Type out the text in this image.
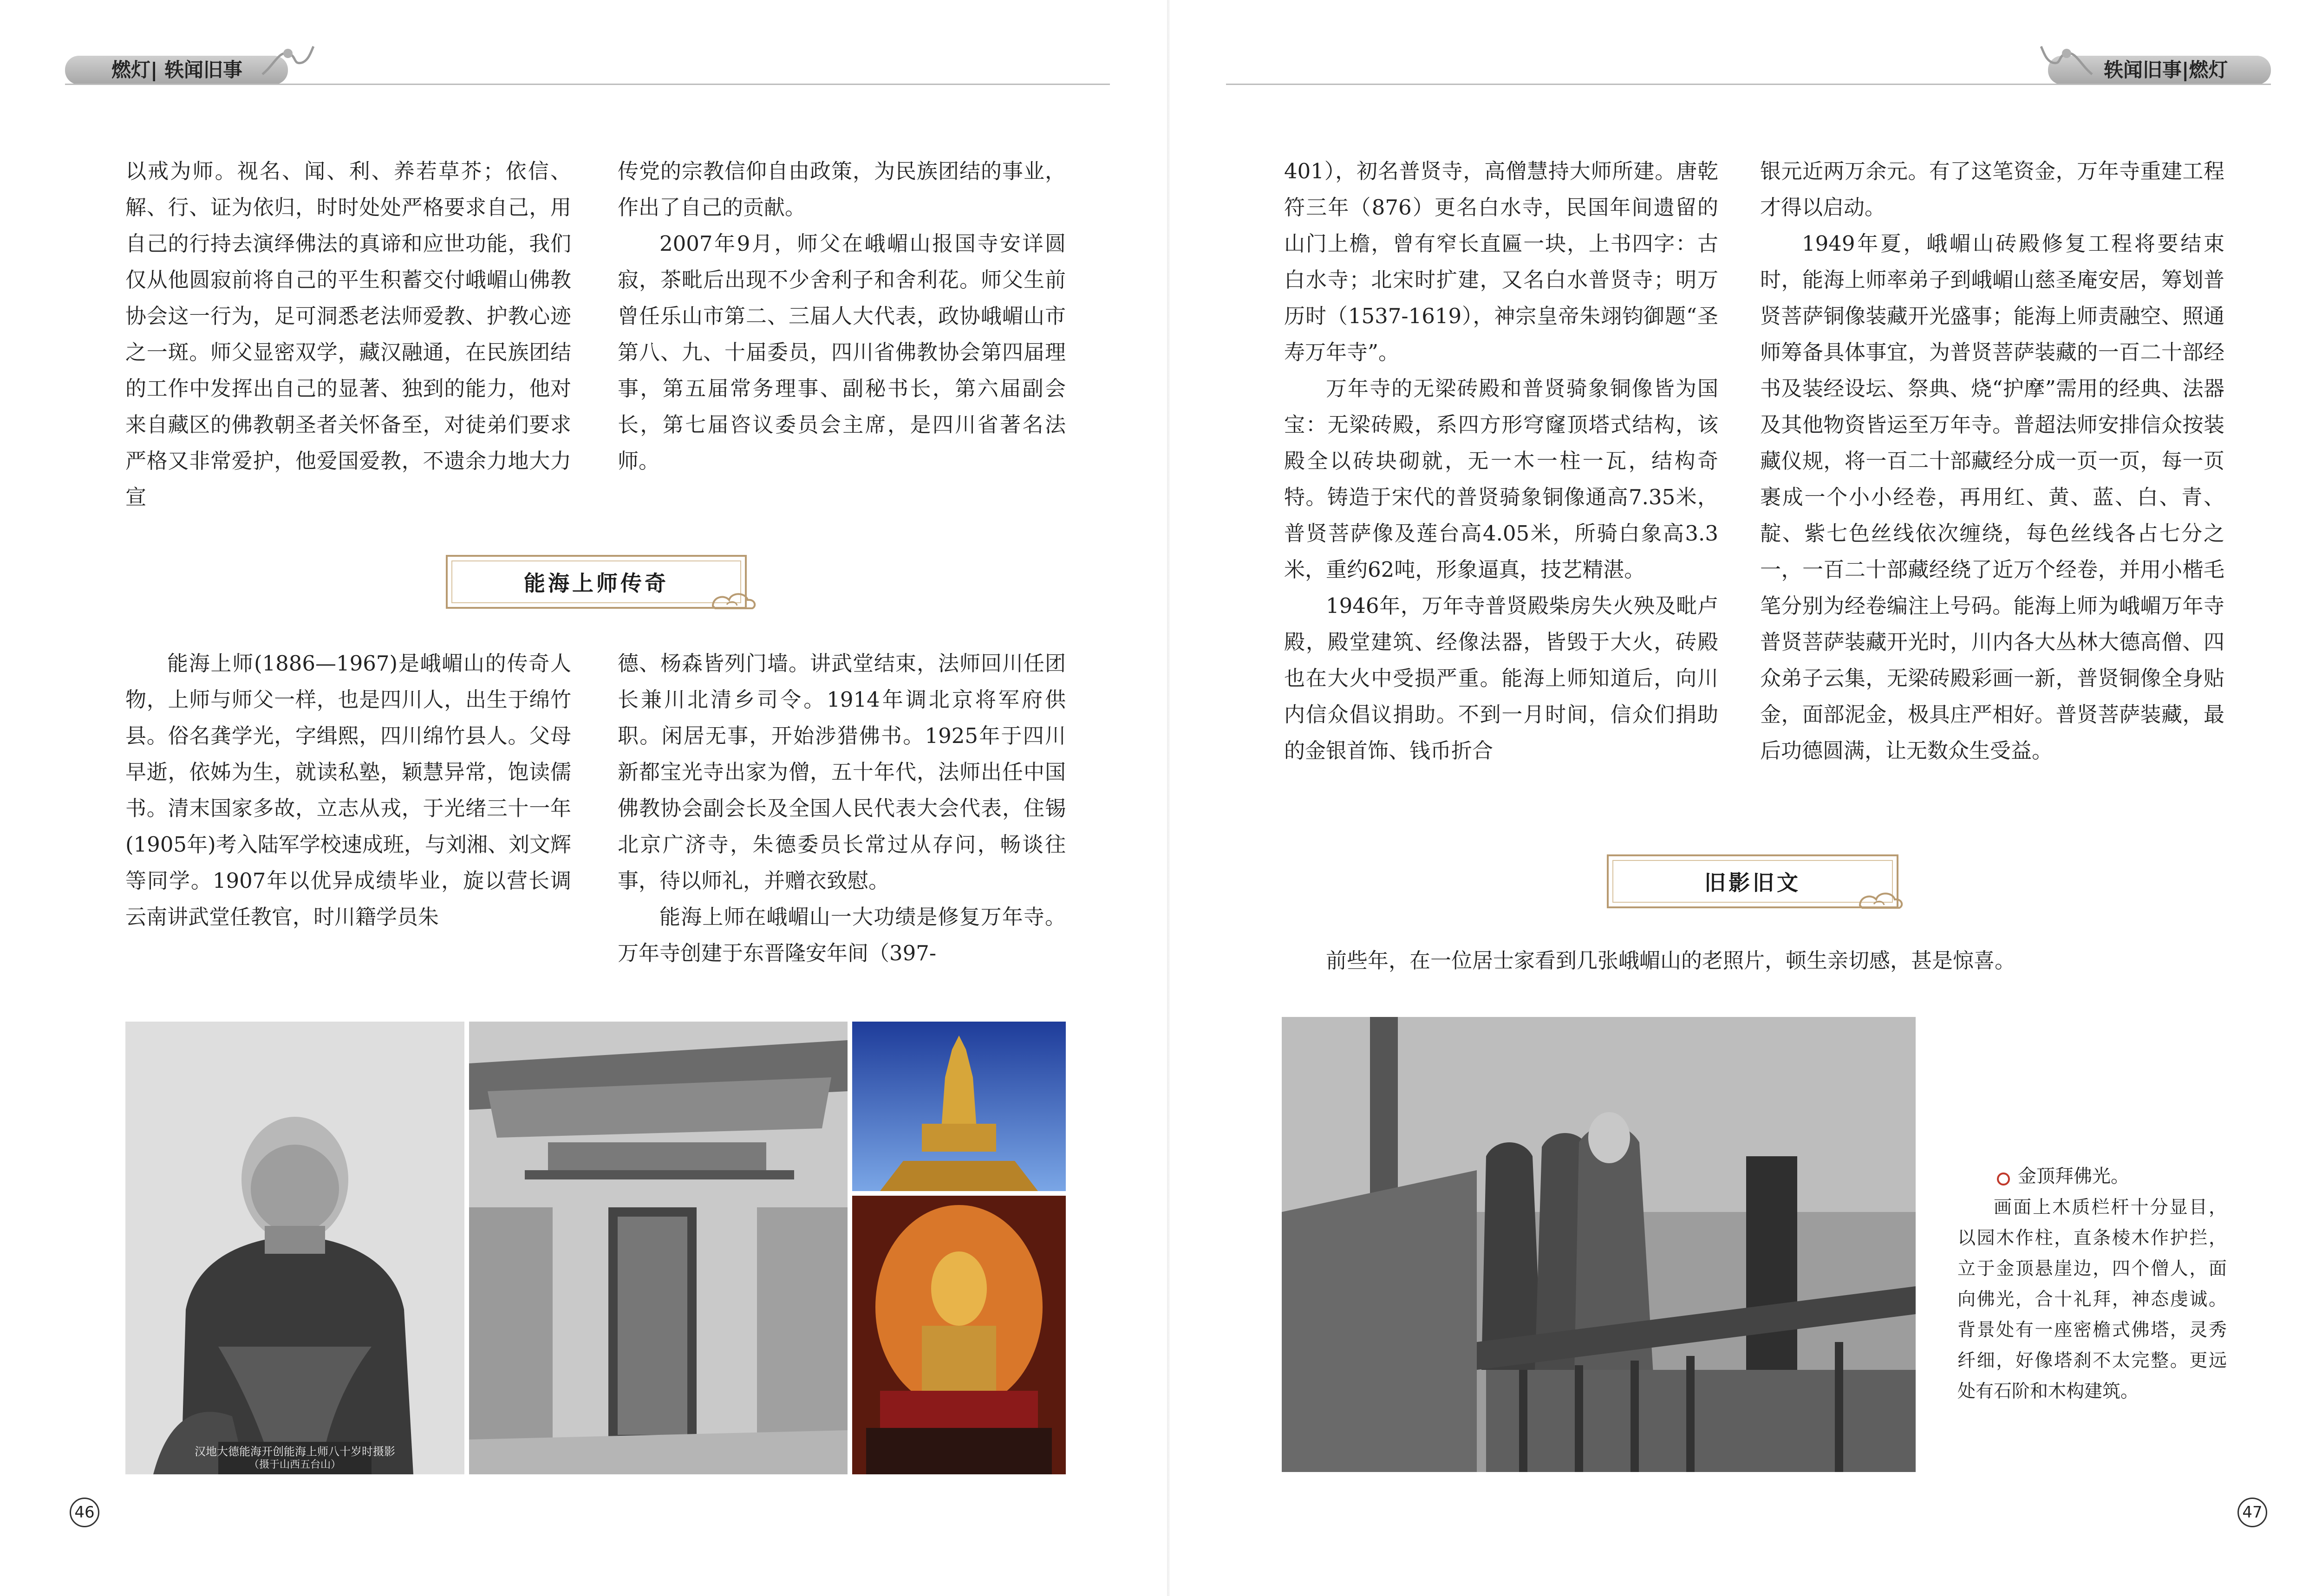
燃灯| 轶闻旧事	轶闻旧事|燃灯

以戒为师。视名、闻、利、养若草芥；依信、解、行、证为依归，时时处处严格要求自己，用自己的行持去演绎佛法的真谛和应世功能，我们仅从他圆寂前将自己的平生积蓄交付峨嵋山佛教协会这一行为，足可洞悉老法师爱教、护教心迹之一斑。师父显密双学，藏汉融通，在民族团结的工作中发挥出自己的显著、独到的能力，他对来自藏区的佛教朝圣者关怀备至，对徒弟们要求严格又非常爱护，他爱国爱教，不遗余力地大力宣

传党的宗教信仰自由政策，为民族团结的事业，作出了自己的贡献。

2007年9月，师父在峨嵋山报国寺安详圆寂，茶毗后出现不少舍利子和舍利花。师父生前曾任乐山市第二、三届人大代表，政协峨嵋山市第八、九、十届委员，四川省佛教协会第四届理事，第五届常务理事、副秘书长，第六届副会长，第七届咨议委员会主席，是四川省著名法师。

能海上师传奇

能海上师(1886—1967)是峨嵋山的传奇人物，上师与师父一样，也是四川人，出生于绵竹县。俗名龚学光，字缉熙，四川绵竹县人。父母早逝，依姊为生，就读私塾，颖慧异常，饱读儒书。清末国家多故，立志从戎，于光绪三十一年(1905年)考入陆军学校速成班，与刘湘、刘文辉等同学。1907年以优异成绩毕业，旋以营长调云南讲武堂任教官，时川籍学员朱

德、杨森皆列门墙。讲武堂结束，法师回川任团长兼川北清乡司令。1914年调北京将军府供职。闲居无事，开始涉猎佛书。1925年于四川新都宝光寺出家为僧，五十年代，法师出任中国佛教协会副会长及全国人民代表大会代表，住锡北京广济寺，朱德委员长常过从存问，畅谈往事，待以师礼，并赠衣致慰。

能海上师在峨嵋山一大功绩是修复万年寺。万年寺创建于东晋隆安年间（397-

汉地大德能海开创能海上师八十岁时摄影
（摄于山西五台山）
46

401），初名普贤寺，高僧慧持大师所建。唐乾符三年（876）更名白水寺，民国年间遗留的山门上檐，曾有窄长直匾一块，上书四字：古白水寺；北宋时扩建，又名白水普贤寺；明万历时（1537-1619），神宗皇帝朱翊钧御题“圣寿万年寺”。

万年寺的无梁砖殿和普贤骑象铜像皆为国宝：无梁砖殿，系四方形穹窿顶塔式结构，该殿全以砖块砌就，无一木一柱一瓦，结构奇特。铸造于宋代的普贤骑象铜像通高7.35米，普贤菩萨像及莲台高4.05米，所骑白象高3.3米，重约62吨，形象逼真，技艺精湛。

1946年，万年寺普贤殿柴房失火殃及毗卢殿，殿堂建筑、经像法器，皆毁于大火，砖殿也在大火中受损严重。能海上师知道后，向川内信众倡议捐助。不到一月时间，信众们捐助的金银首饰、钱币折合

银元近两万余元。有了这笔资金，万年寺重建工程才得以启动。

1949年夏，峨嵋山砖殿修复工程将要结束时，能海上师率弟子到峨嵋山慈圣庵安居，筹划普贤菩萨铜像装藏开光盛事；能海上师责融空、照通师筹备具体事宜，为普贤菩萨装藏的一百二十部经书及装经设坛、祭典、烧“护摩”需用的经典、法器及其他物资皆运至万年寺。普超法师安排信众按装藏仪规，将一百二十部藏经分成一页一页，每一页裹成一个小小经卷，再用红、黄、蓝、白、青、靛、紫七色丝线依次缠绕，每色丝线各占七分之一，一百二十部藏经绕了近万个经卷，并用小楷毛笔分别为经卷编注上号码。能海上师为峨嵋万年寺普贤菩萨装藏开光时，川内各大丛林大德高僧、四众弟子云集，无梁砖殿彩画一新，普贤铜像全身贴金，面部泥金，极具庄严相好。普贤菩萨装藏，最后功德圆满，让无数众生受益。

旧影旧文

前些年，在一位居士家看到几张峨嵋山的老照片，顿生亲切感，甚是惊喜。

金顶拜佛光。
画面上木质栏杆十分显目，以园木作柱，直条棱木作护拦，立于金顶悬崖边，四个僧人，面向佛光，合十礼拜，神态虔诚。背景处有一座密檐式佛塔，灵秀纤细，好像塔刹不太完整。更远处有石阶和木构建筑。
47
